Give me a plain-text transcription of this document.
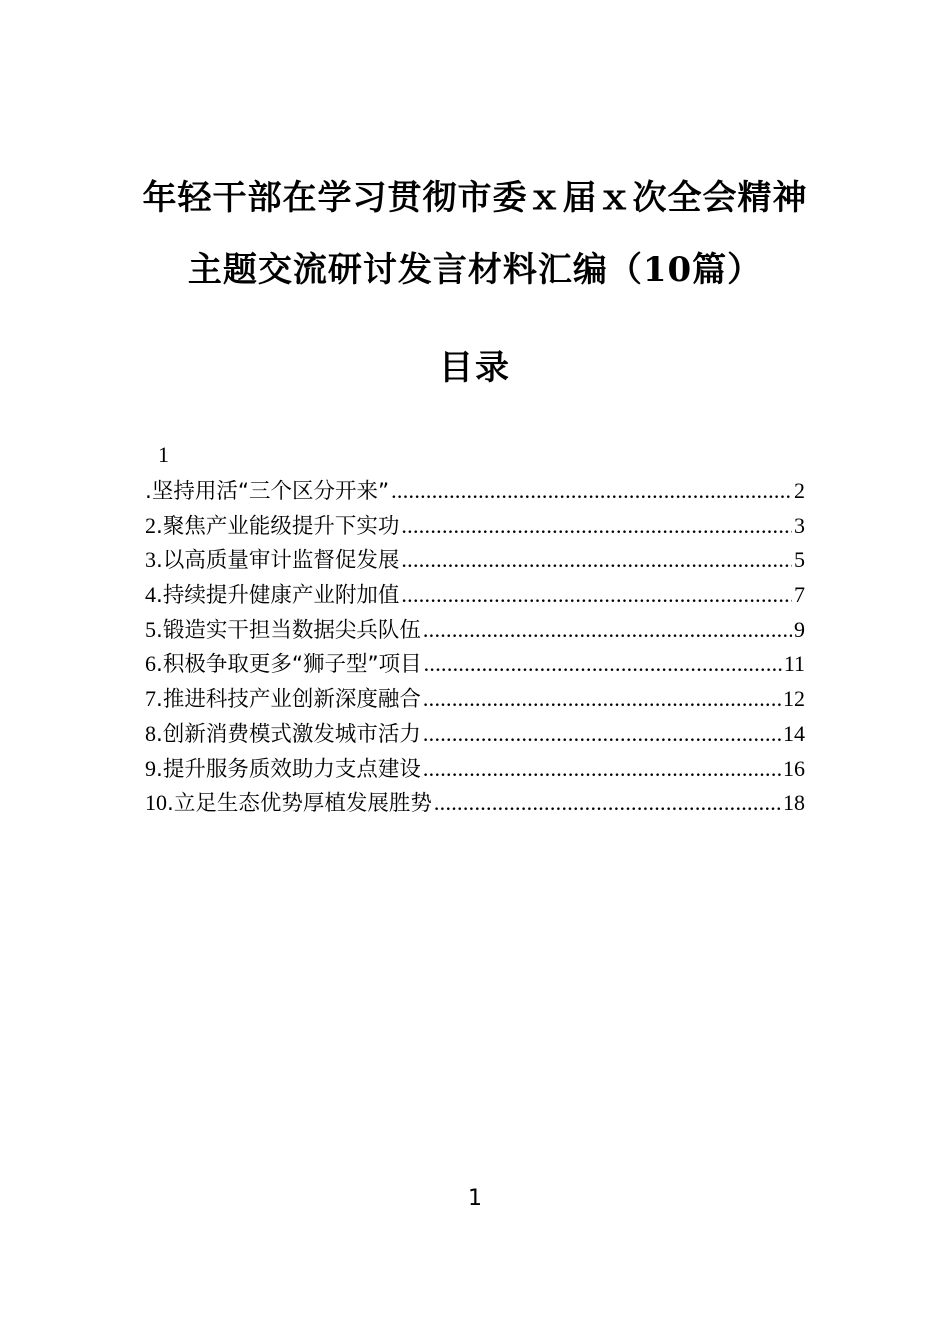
年轻干部在学习贯彻市委ｘ届ｘ次全会精神
主题交流研讨发言材料汇编（10篇）
目录
1
.坚持用活“三个区分开来” .....	2
2.聚焦产业能级提升下实功 .....	3
3.以高质量审计监督促发展 .....	5
4.持续提升健康产业附加值 .....	7
5.锻造实干担当数据尖兵队伍 .....	9
6.积极争取更多“狮子型”项目 .....	11
7.推进科技产业创新深度融合 .....	12
8.创新消费模式激发城市活力 .....	14
9.提升服务质效助力支点建设 .....	16
10.立足生态优势厚植发展胜势 .....	18
1
